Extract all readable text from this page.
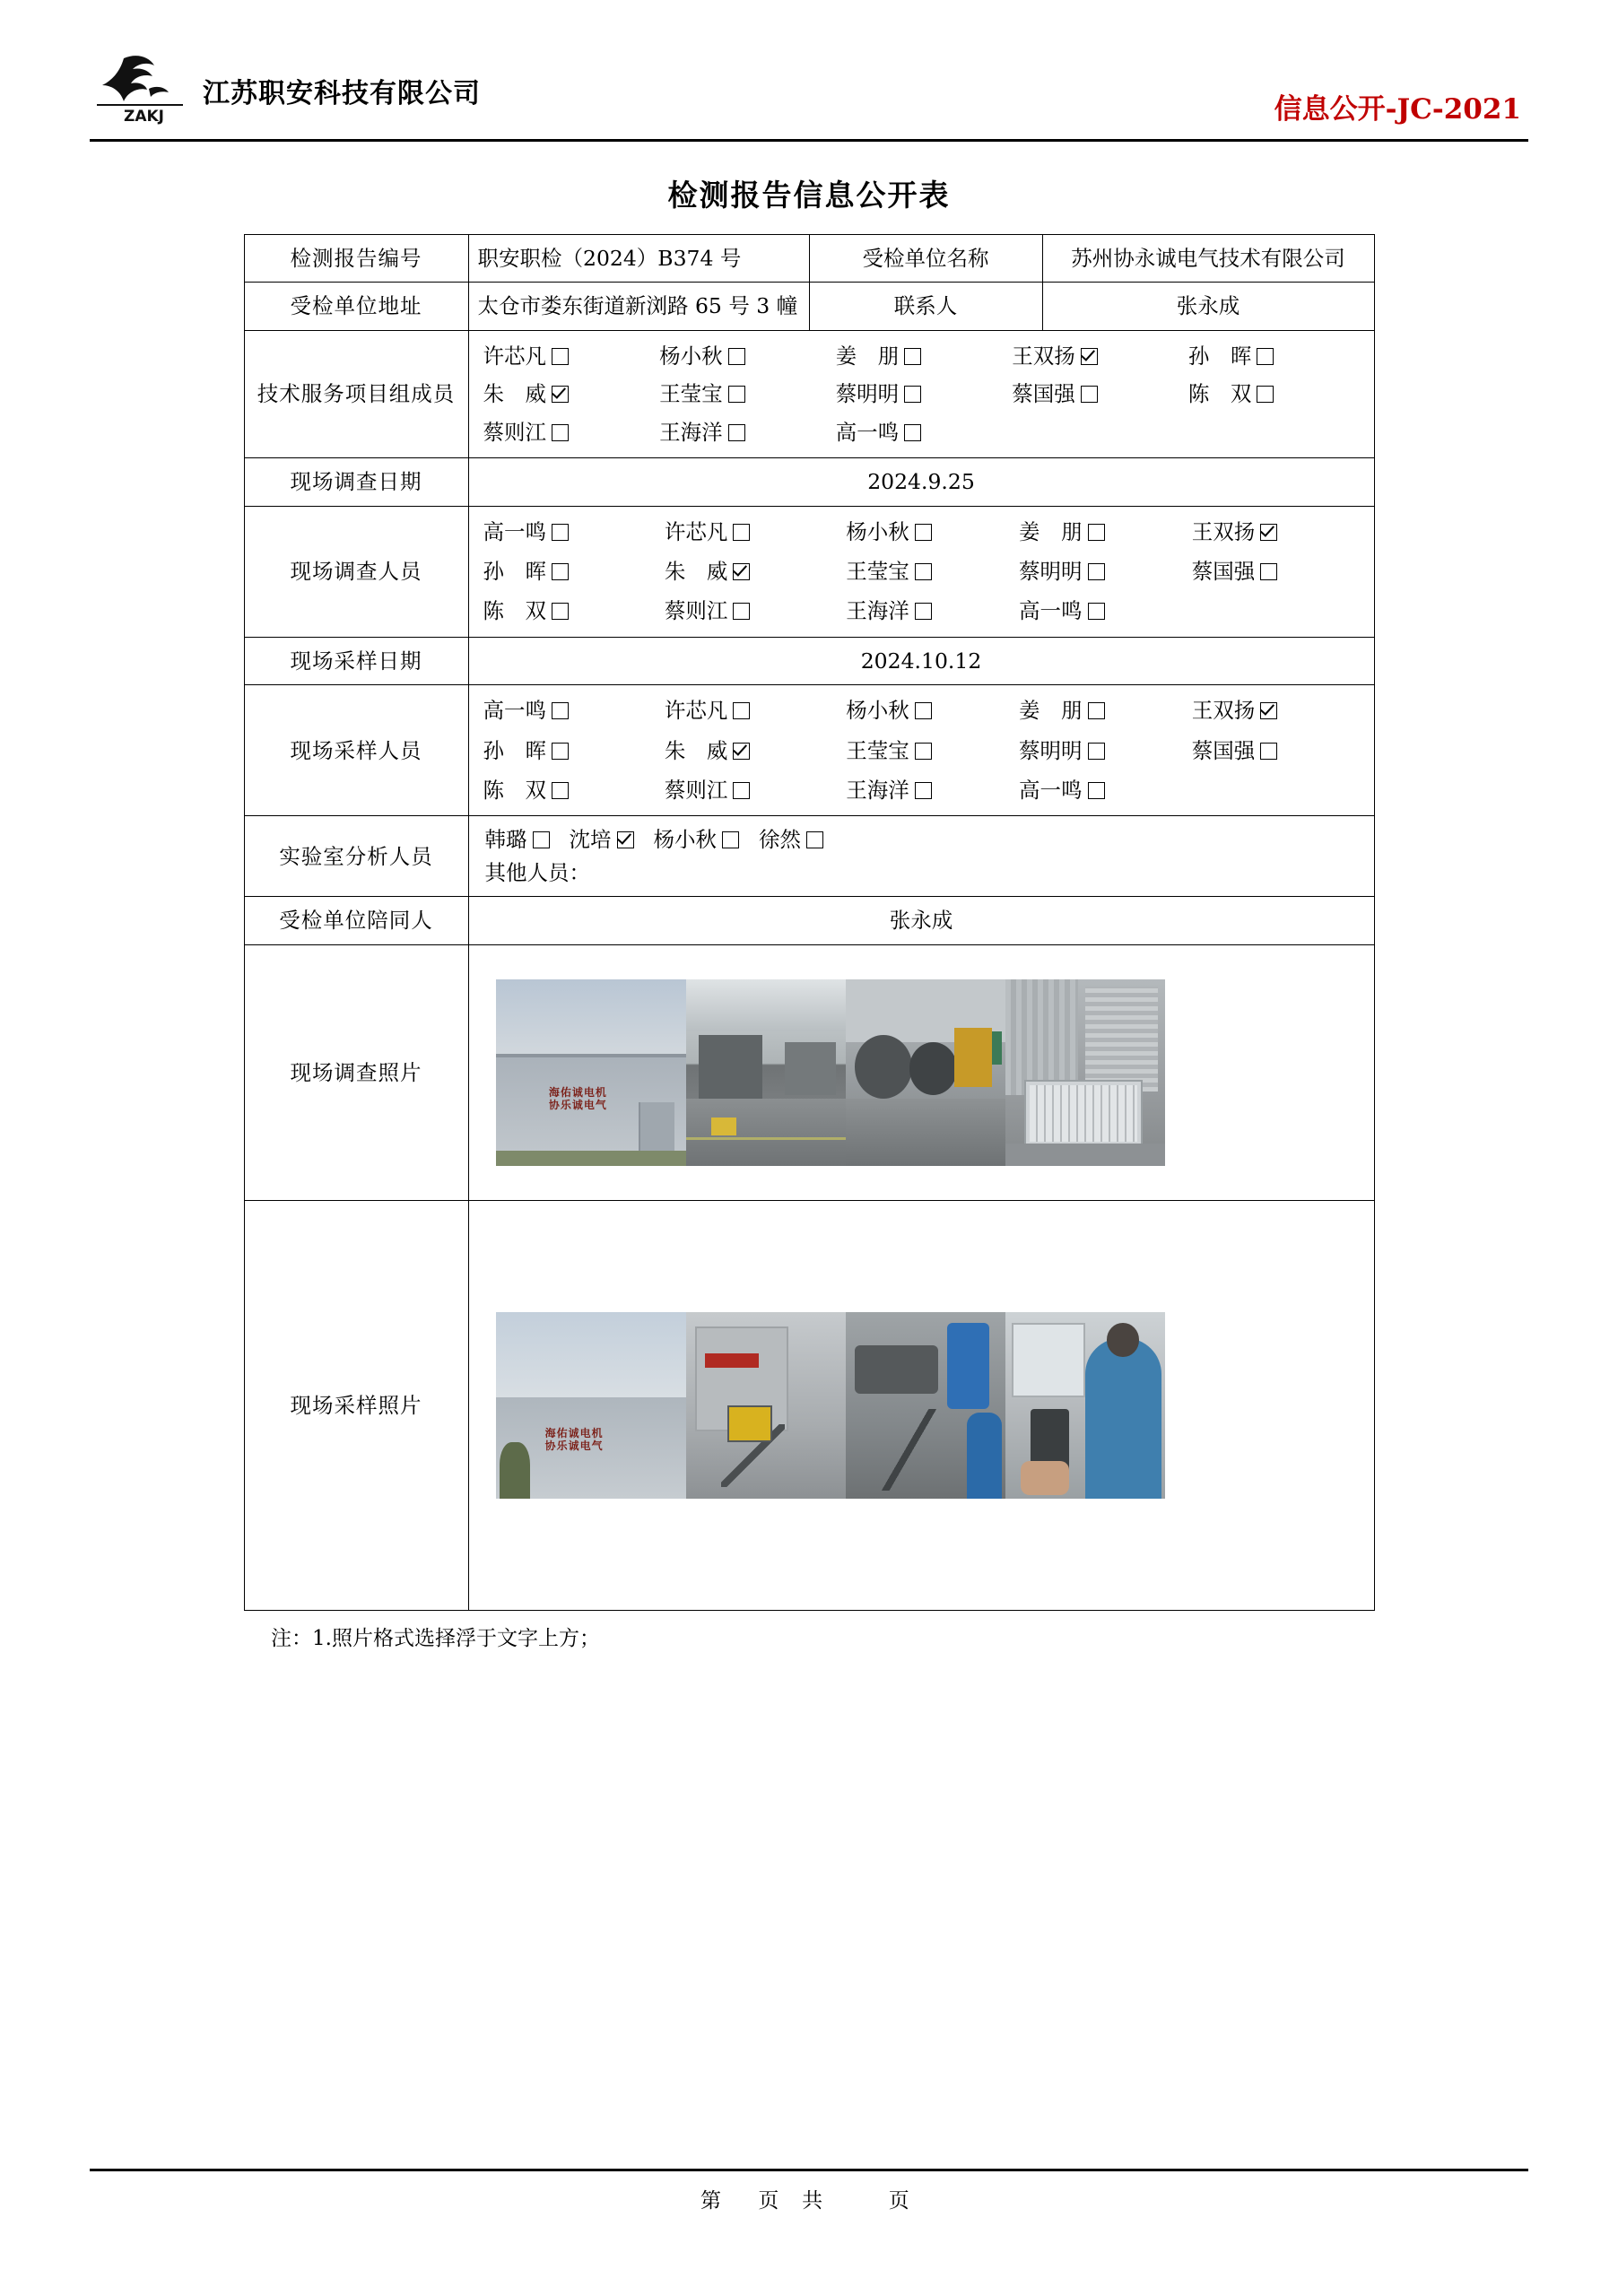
ZAKJ
江苏职安科技有限公司	信息公开-JC-2021
检测报告信息公开表
检测报告编号	职安职检（2024）B374 号	受检单位名称	苏州协永诚电气技术有限公司
受检单位地址	太仓市娄东街道新浏路 65 号 3 幢	联系人	张永成
技术服务项目组成员	
许芯凡	杨小秋	姜　朋	王双扬	孙　晖
朱　威	王莹宝	蔡明明	蔡国强	陈　双
蔡则江	王海洋	高一鸣

现场调查日期	2024.9.25		
现场调查人员	
高一鸣	许芯凡	杨小秋	姜　朋	王双扬
孙　晖	朱　威	王莹宝	蔡明明	蔡国强
陈　双	蔡则江	王海洋	高一鸣

现场采样日期	2024.10.12		
现场采样人员	
高一鸣	许芯凡	杨小秋	姜　朋	王双扬
孙　晖	朱　威	王莹宝	蔡明明	蔡国强
陈　双	蔡则江	王海洋	高一鸣

实验室分析人员	韩璐 沈培 杨小秋 徐然
其他人员：		

受检单位陪同人	张永成		
现场调查照片	海佑诚电机
协乐诚电气		

现场采样照片	海佑诚电机
协乐诚电气		
注：1.照片格式选择浮于文字上方；
第　页 共　　页
